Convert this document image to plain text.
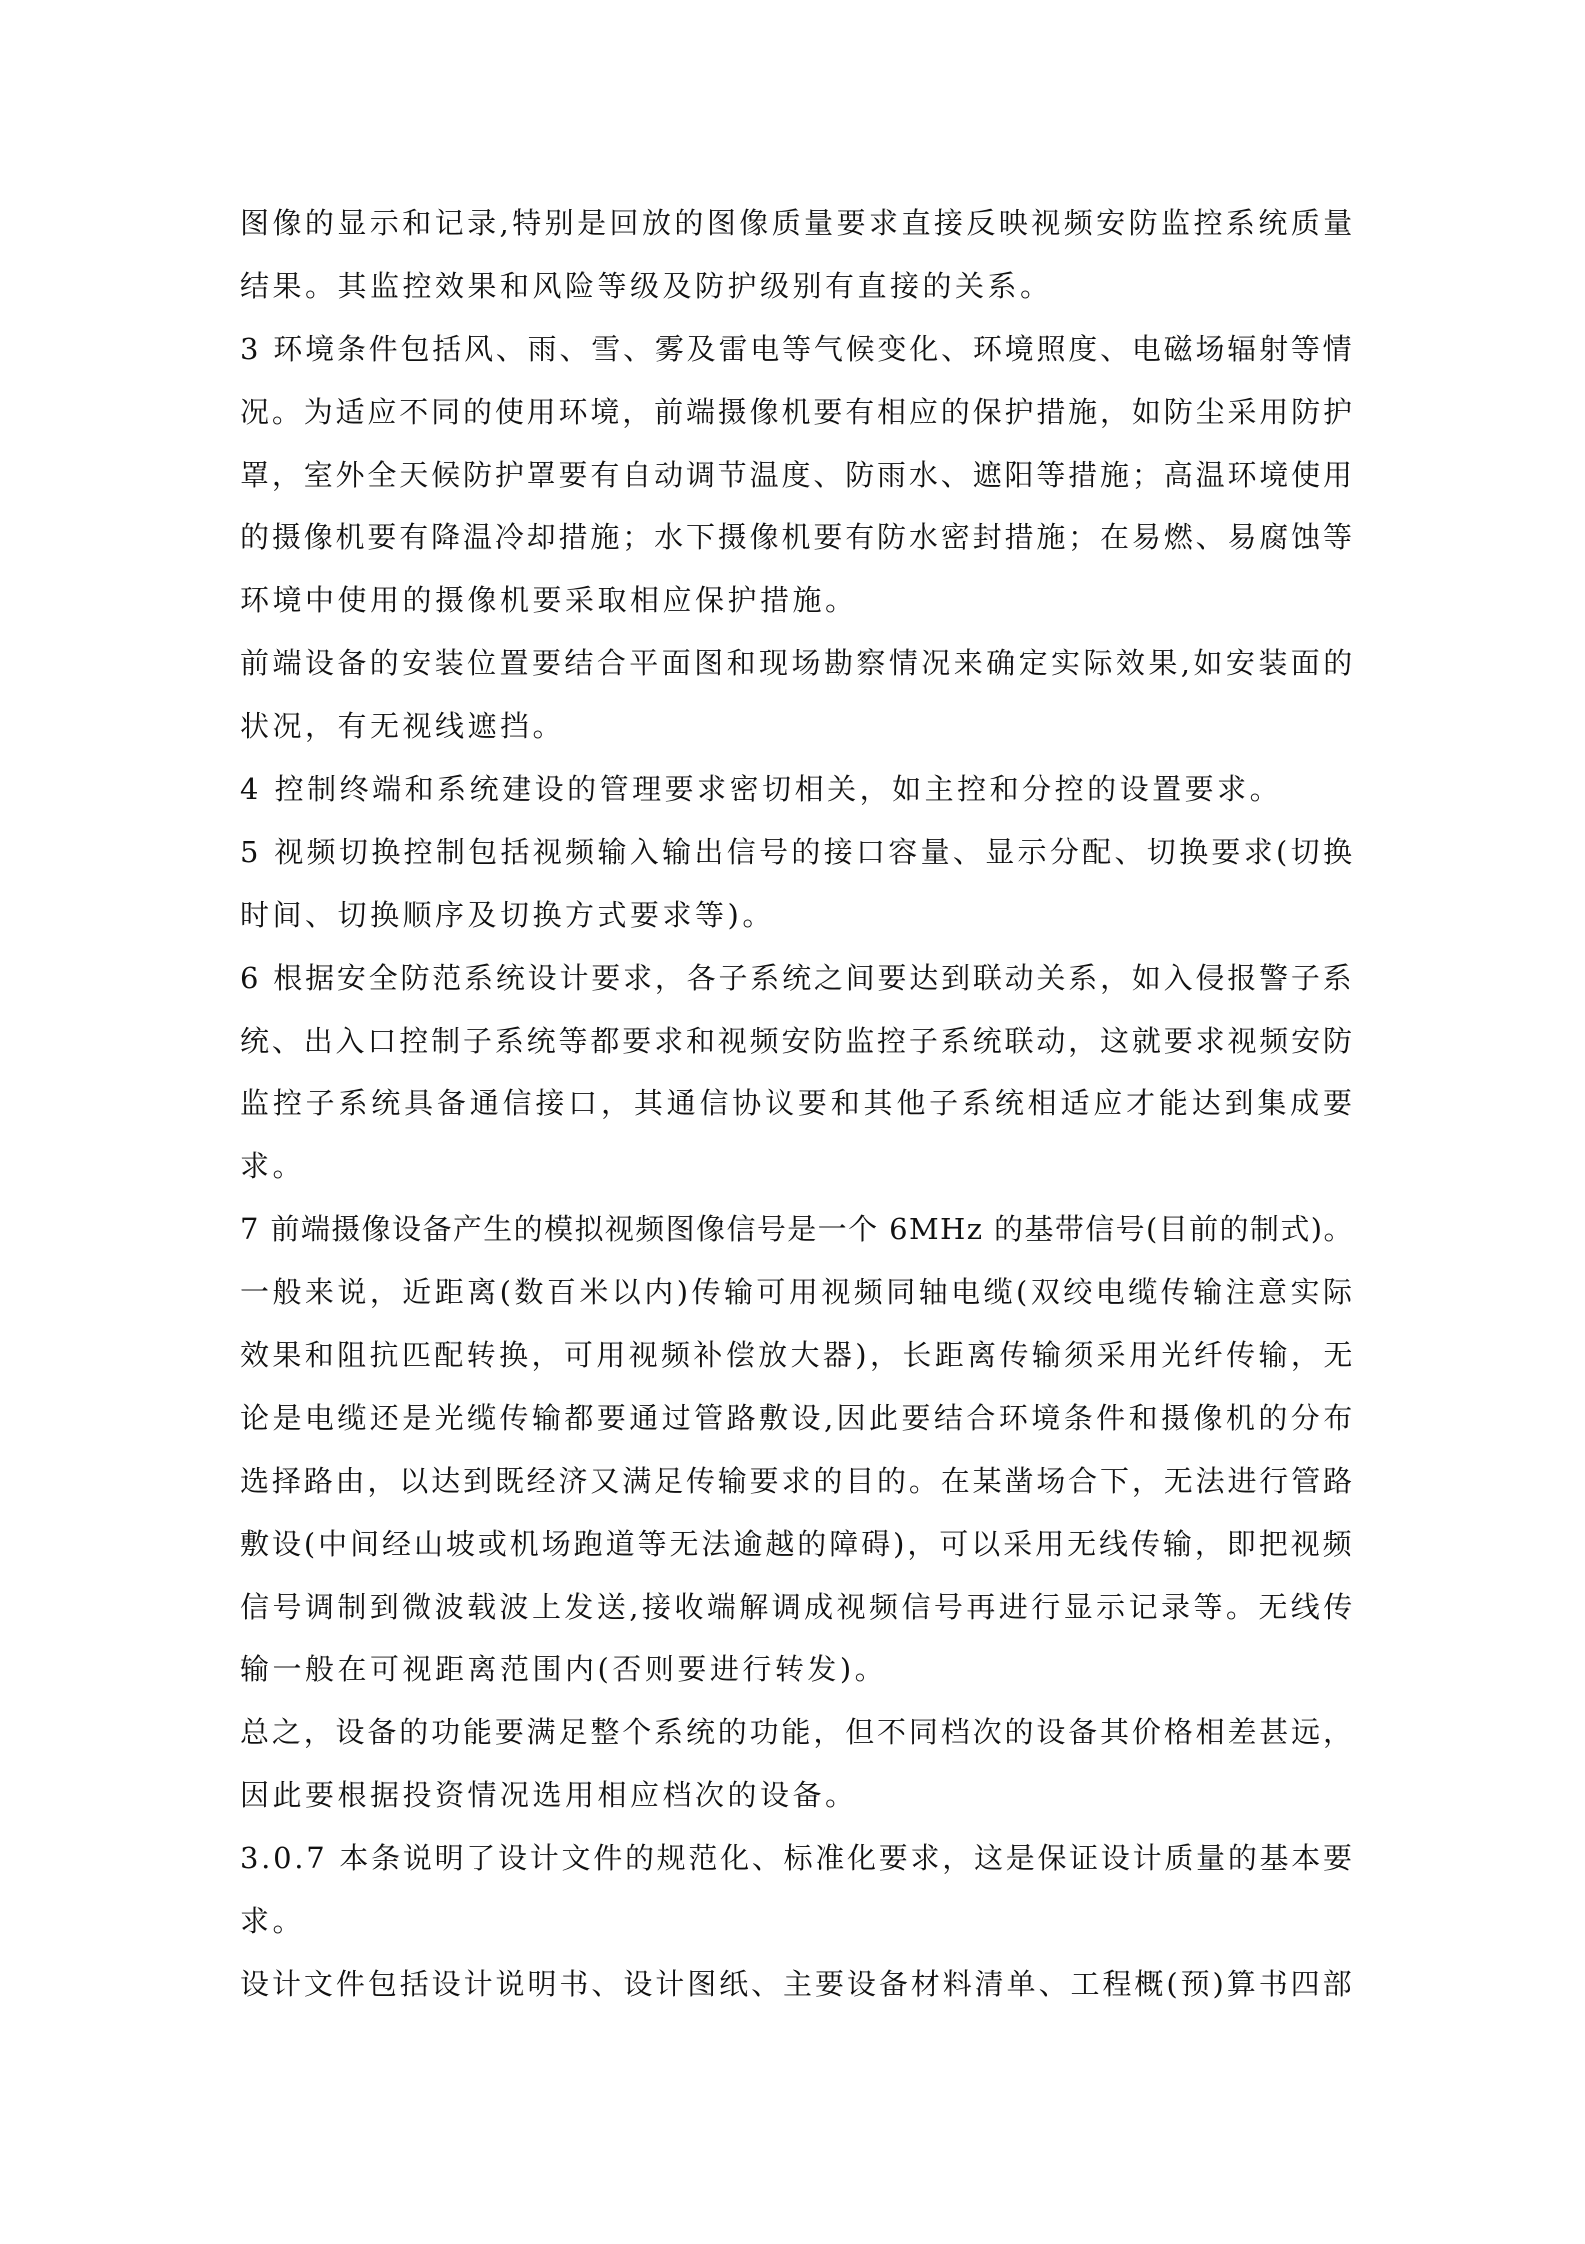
图像的显示和记录,特别是回放的图像质量要求直接反映视频安防监控系统质量
结果。其监控效果和风险等级及防护级别有直接的关系。
3 环境条件包括风、雨、雪、雾及雷电等气候变化、环境照度、电磁场辐射等情
况。为适应不同的使用环境，前端摄像机要有相应的保护措施，如防尘采用防护
罩，室外全天候防护罩要有自动调节温度、防雨水、遮阳等措施；高温环境使用
的摄像机要有降温冷却措施；水下摄像机要有防水密封措施；在易燃、易腐蚀等
环境中使用的摄像机要采取相应保护措施。
前端设备的安装位置要结合平面图和现场勘察情况来确定实际效果,如安装面的
状况，有无视线遮挡。
4 控制终端和系统建设的管理要求密切相关，如主控和分控的设置要求。
5 视频切换控制包括视频输入输出信号的接口容量、显示分配、切换要求(切换
时间、切换顺序及切换方式要求等)。
6 根据安全防范系统设计要求，各子系统之间要达到联动关系，如入侵报警子系
统、出入口控制子系统等都要求和视频安防监控子系统联动，这就要求视频安防
监控子系统具备通信接口，其通信协议要和其他子系统相适应才能达到集成要
求。
7 前端摄像设备产生的模拟视频图像信号是一个 6MHz 的基带信号(目前的制式)。
一般来说，近距离(数百米以内)传输可用视频同轴电缆(双绞电缆传输注意实际
效果和阻抗匹配转换，可用视频补偿放大器)，长距离传输须采用光纤传输，无
论是电缆还是光缆传输都要通过管路敷设,因此要结合环境条件和摄像机的分布
选择路由，以达到既经济又满足传输要求的目的。在某凿场合下，无法进行管路
敷设(中间经山坡或机场跑道等无法逾越的障碍)，可以采用无线传输，即把视频
信号调制到微波载波上发送,接收端解调成视频信号再进行显示记录等。无线传
输一般在可视距离范围内(否则要进行转发)。
总之，设备的功能要满足整个系统的功能，但不同档次的设备其价格相差甚远，
因此要根据投资情况选用相应档次的设备。
3.0.7 本条说明了设计文件的规范化、标准化要求，这是保证设计质量的基本要
求。
设计文件包括设计说明书、设计图纸、主要设备材料清单、工程概(预)算书四部
